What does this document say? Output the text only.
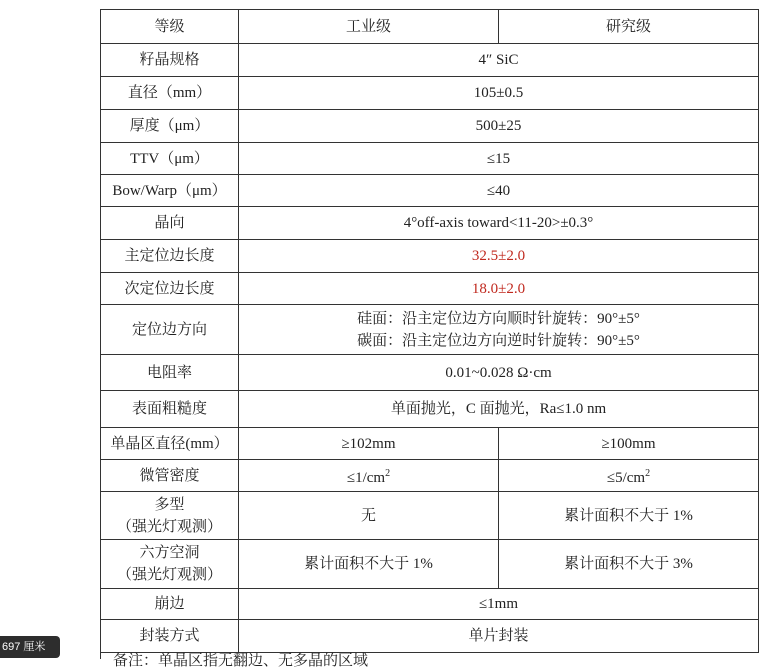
等级	工业级	研究级
籽晶规格	4″ SiC	
直径（mm）	105±0.5	
厚度（μm）	500±25	
TTV（μm）	≤15	
Bow/Warp（μm）	≤40	
晶向	4°off-axis toward<11-20>±0.3°	
主定位边长度	32.5±2.0	
次定位边长度	18.0±2.0	
定位边方向	硅面：沿主定位边方向顺时针旋转：90°±5°
碳面：沿主定位边方向逆时针旋转：90°±5°	

电阻率	0.01~0.028 Ω·cm	
表面粗糙度	单面抛光，C 面抛光，Ra≤1.0 nm	
单晶区直径(mm）	≥102mm	≥100mm
微管密度	$\le 1/cm^2$	$\le 5/cm^2$

多型
（强光灯观测）	无	累计面积不大于 1%

六方空洞
（强光灯观测）	累计面积不大于 1%	累计面积不大于 3%
崩边	≤1mm	
封装方式	单片封装	
备注：单晶区指无翻边、无多晶的区域
697 厘米
